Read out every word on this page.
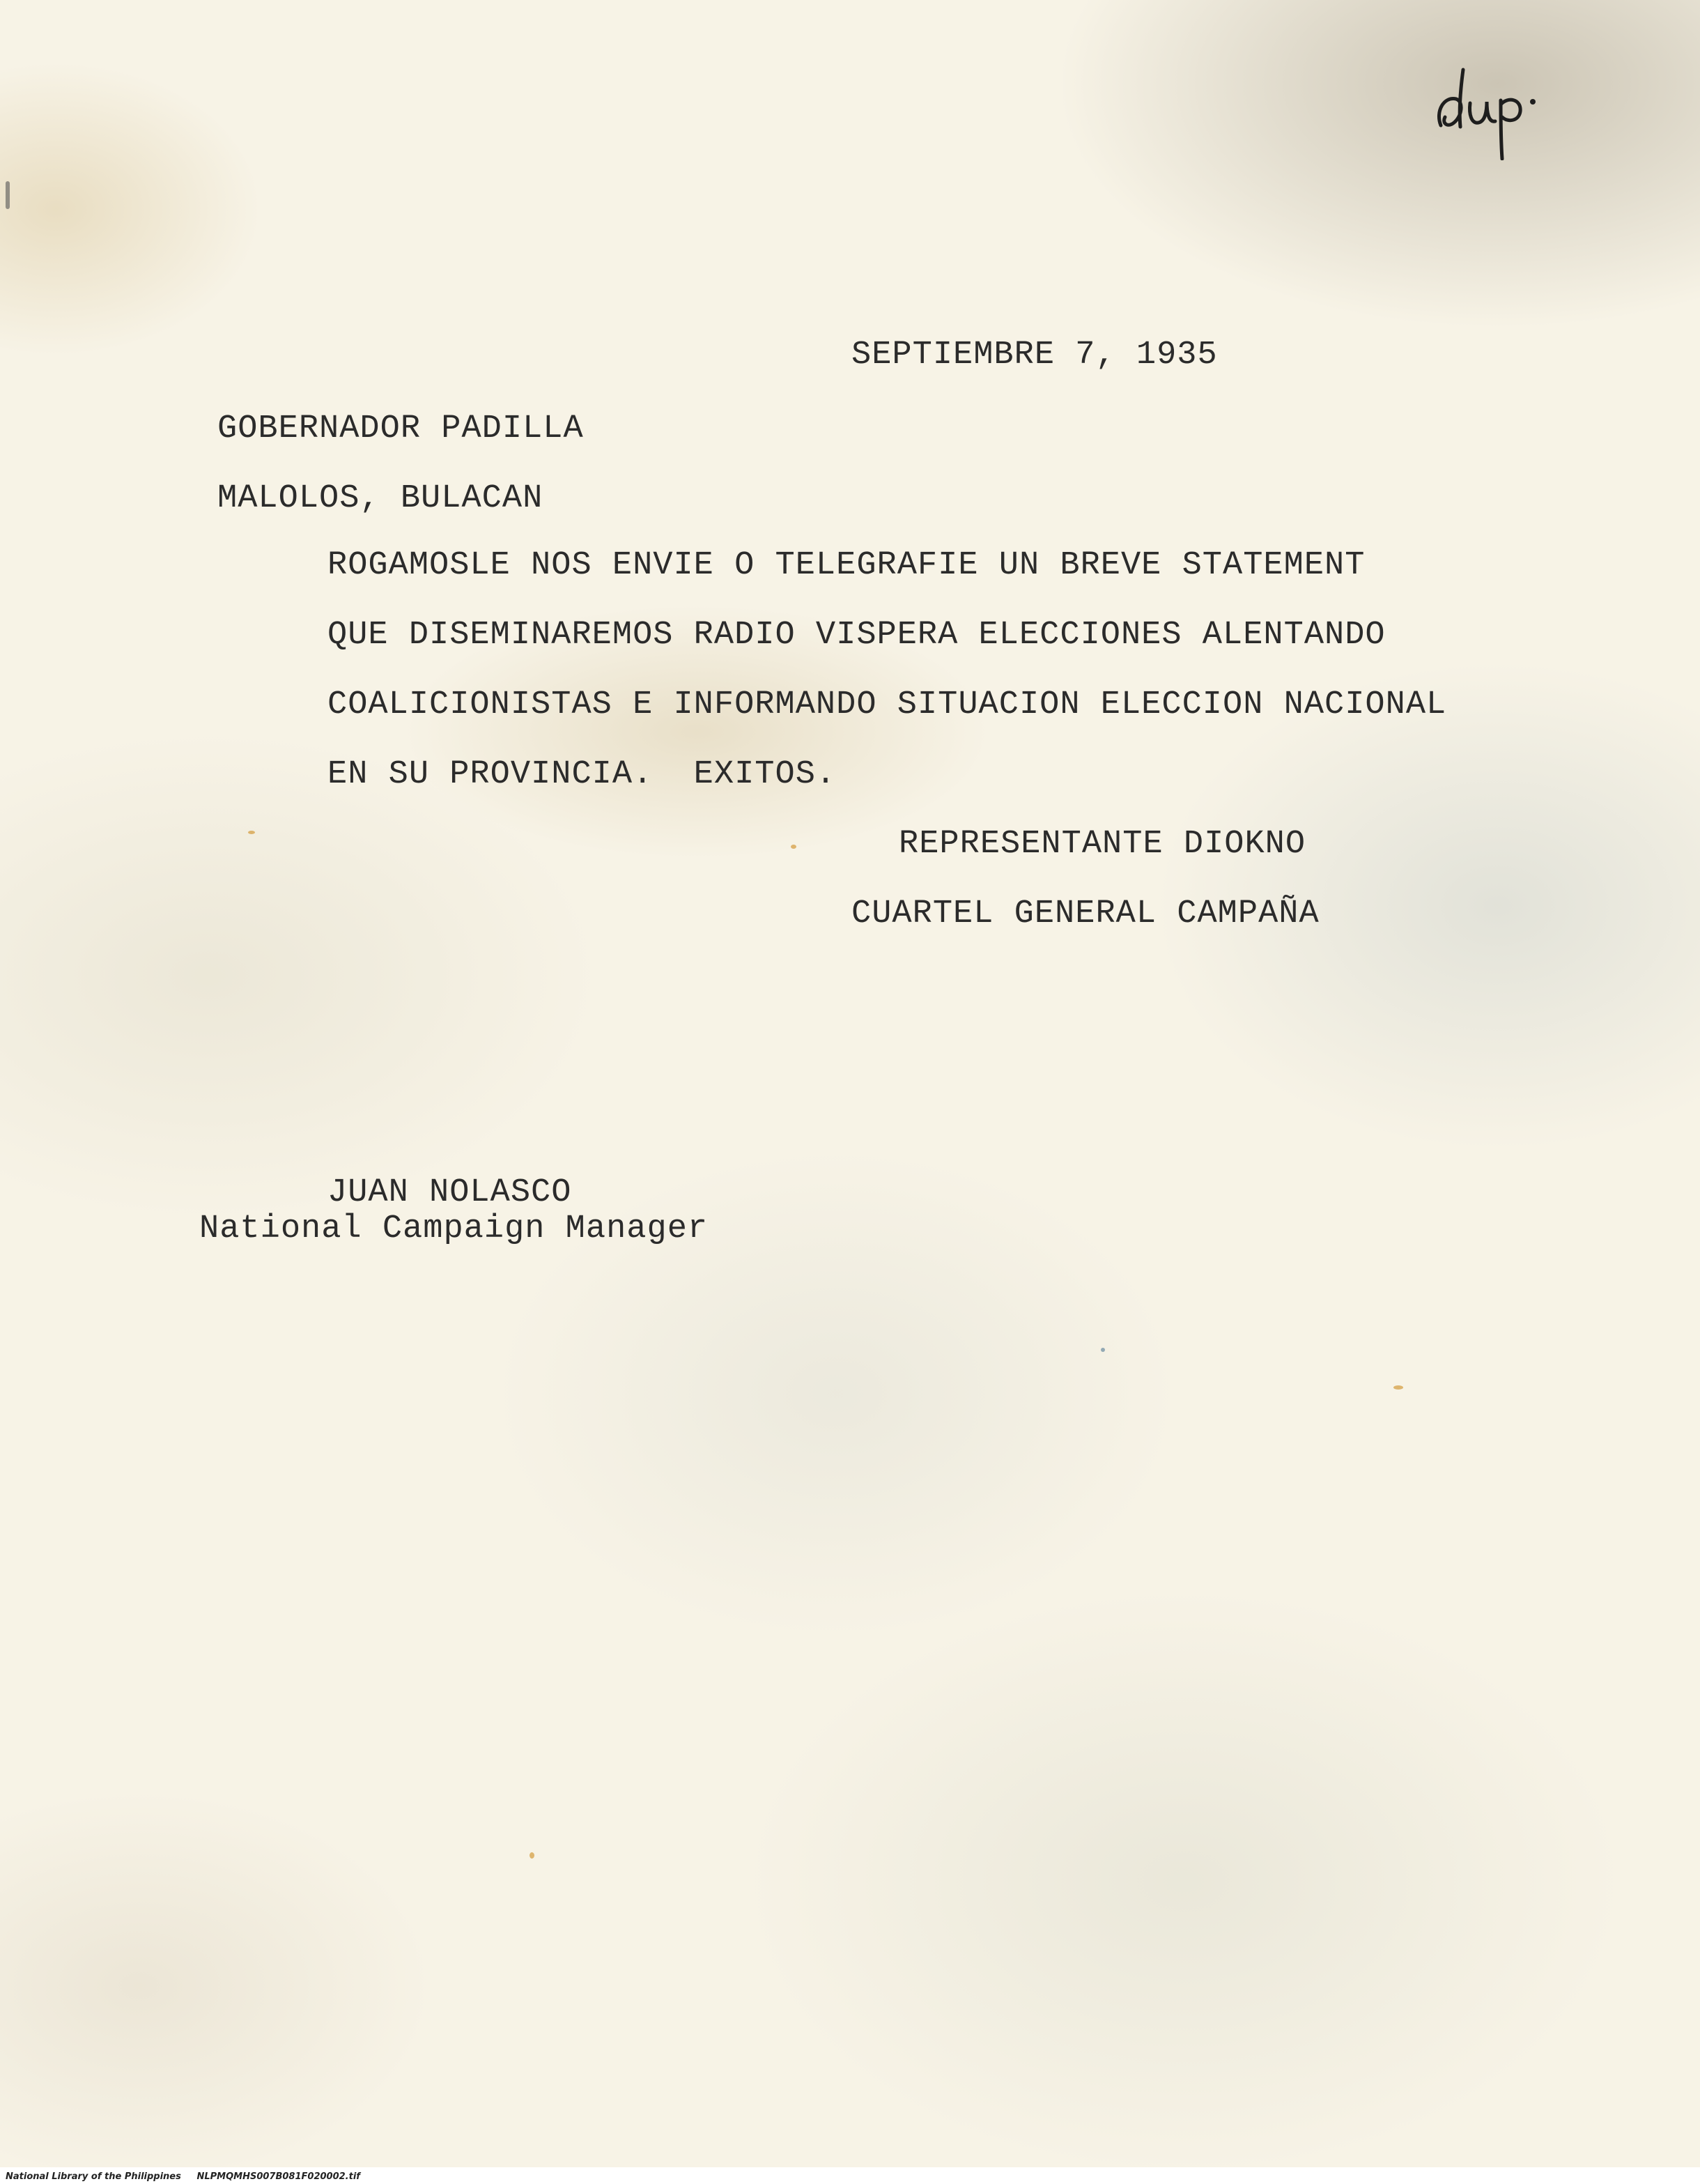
SEPTIEMBRE 7, 1935
GOBERNADOR PADILLA
MALOLOS, BULACAN
ROGAMOSLE NOS ENVIE O TELEGRAFIE UN BREVE STATEMENT
QUE DISEMINAREMOS RADIO VISPERA ELECCIONES ALENTANDO
COALICIONISTAS E INFORMANDO SITUACION ELECCION NACIONAL
EN SU PROVINCIA.  EXITOS.
REPRESENTANTE DIOKNO
CUARTEL GENERAL CAMPAÑA
JUAN NOLASCO
National Campaign Manager
National Library of the Philippines     NLPMQMHS007B081F020002.tif
